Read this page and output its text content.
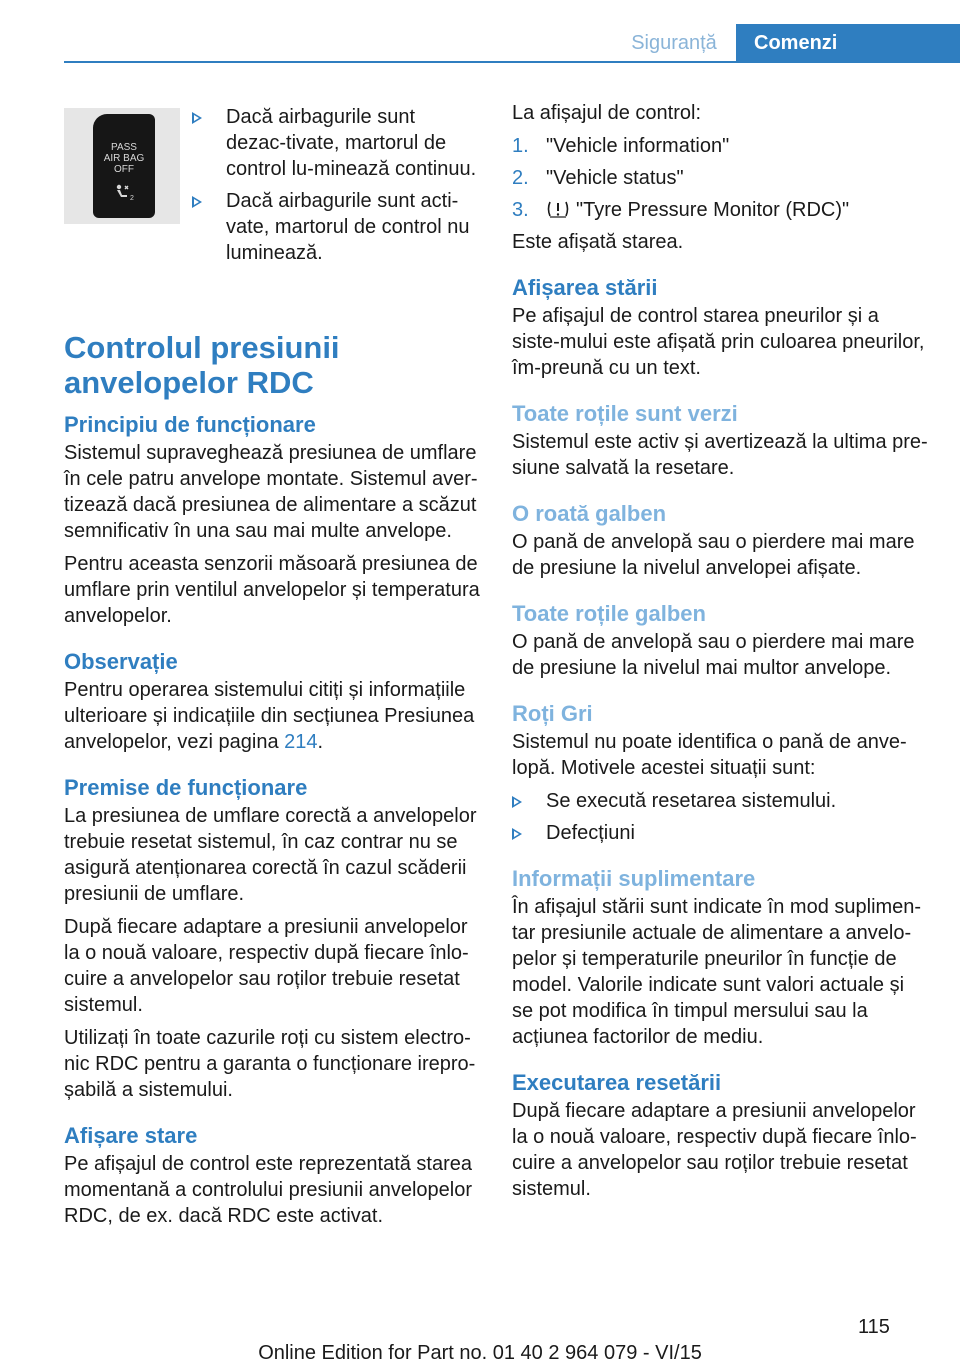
Siguranță	Comenzi
PASS
AIR BAG
OFF
2
Dacă airbagurile sunt dezac-tivate, martorul de control lu-minează continuu.
Dacă airbagurile sunt acti-vate, martorul de control nu luminează.
Controlul presiunii anvelopelor RDC
Principiu de funcționare

Sistemul supraveghează presiunea de umflare în cele patru anvelope montate. Sistemul aver-tizează dacă presiunea de alimentare a scăzut semnificativ în una sau mai multe anvelope.

Pentru aceasta senzorii măsoară presiunea de umflare prin ventilul anvelopelor și temperatura anvelopelor.

Observație

Pentru operarea sistemului citiți și informațiile ulterioare și indicațiile din secțiunea Presiunea anvelopelor, vezi pagina 214.

Premise de funcționare

La presiunea de umflare corectă a anvelopelor trebuie resetat sistemul, în caz contrar nu se asigură atenționarea corectă în cazul scăderii presiunii de umflare.

După fiecare adaptare a presiunii anvelopelor la o nouă valoare, respectiv după fiecare înlo-cuire a anvelopelor sau roților trebuie resetat sistemul.

Utilizați în toate cazurile roți cu sistem electro-nic RDC pentru a garanta o funcționare irepro-șabilă a sistemului.

Afișare stare

Pe afișajul de control este reprezentată starea momentană a controlului presiunii anvelopelor RDC, de ex. dacă RDC este activat.

La afișajul de control:

1. "Vehicle information"
2. "Vehicle status"
3. "Tyre Pressure Monitor (RDC)"

Este afișată starea.

Afișarea stării

Pe afișajul de control starea pneurilor și a siste-mului este afișată prin culoarea pneurilor, îm-preună cu un text.

Toate roțile sunt verzi

Sistemul este activ și avertizează la ultima pre-siune salvată la resetare.

O roată galben

O pană de anvelopă sau o pierdere mai mare de presiune la nivelul anvelopei afișate.

Toate roțile galben

O pană de anvelopă sau o pierdere mai mare de presiune la nivelul mai multor anvelope.

Roți Gri

Sistemul nu poate identifica o pană de anve-lopă. Motivele acestei situații sunt:

Se execută resetarea sistemului.
Defecțiuni
Informații suplimentare

În afișajul stării sunt indicate în mod suplimen-tar presiunile actuale de alimentare a anvelo-pelor și temperaturile pneurilor în funcție de model. Valorile indicate sunt valori actuale și se pot modifica în timpul mersului sau la acțiunea factorilor de mediu.

Executarea resetării

După fiecare adaptare a presiunii anvelopelor la o nouă valoare, respectiv după fiecare înlo-cuire a anvelopelor sau roților trebuie resetat sistemul.

115
Online Edition for Part no. 01 40 2 964 079 - VI/15
